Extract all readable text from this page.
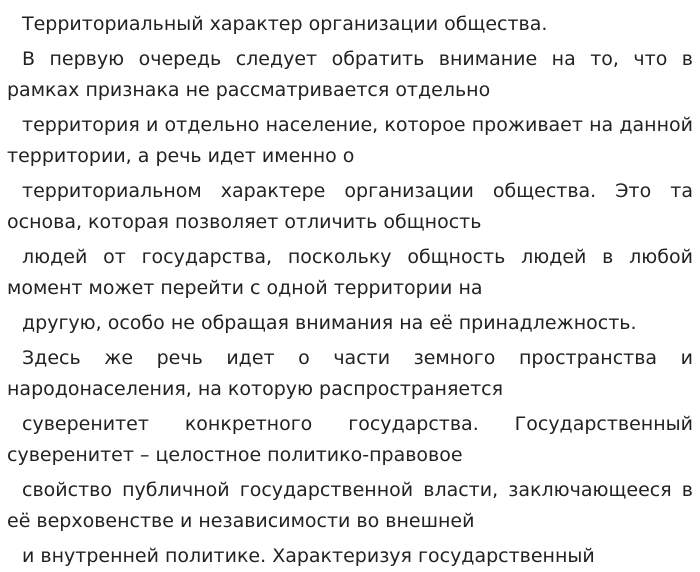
Территориальный характер организации общества.

В первую очередь следует обратить внимание на то, что в рамках признака не рассматривается отдельно

территория и отдельно население, которое проживает на данной территории, а речь идет именно о

территориальном характере организации общества. Это та основа, которая позволяет отличить общность

людей от государства, поскольку общность людей в любой момент может перейти с одной территории на

другую, особо не обращая внимания на её принадлежность.

Здесь же речь идет о части земного пространства и народонаселения, на которую распространяется

суверенитет конкретного государства. Государственный суверенитет – целостное политико-правовое

свойство публичной государственной власти, заключающееся в её верховенстве и независимости во внешней

и внутренней политике. Характеризуя государственный
